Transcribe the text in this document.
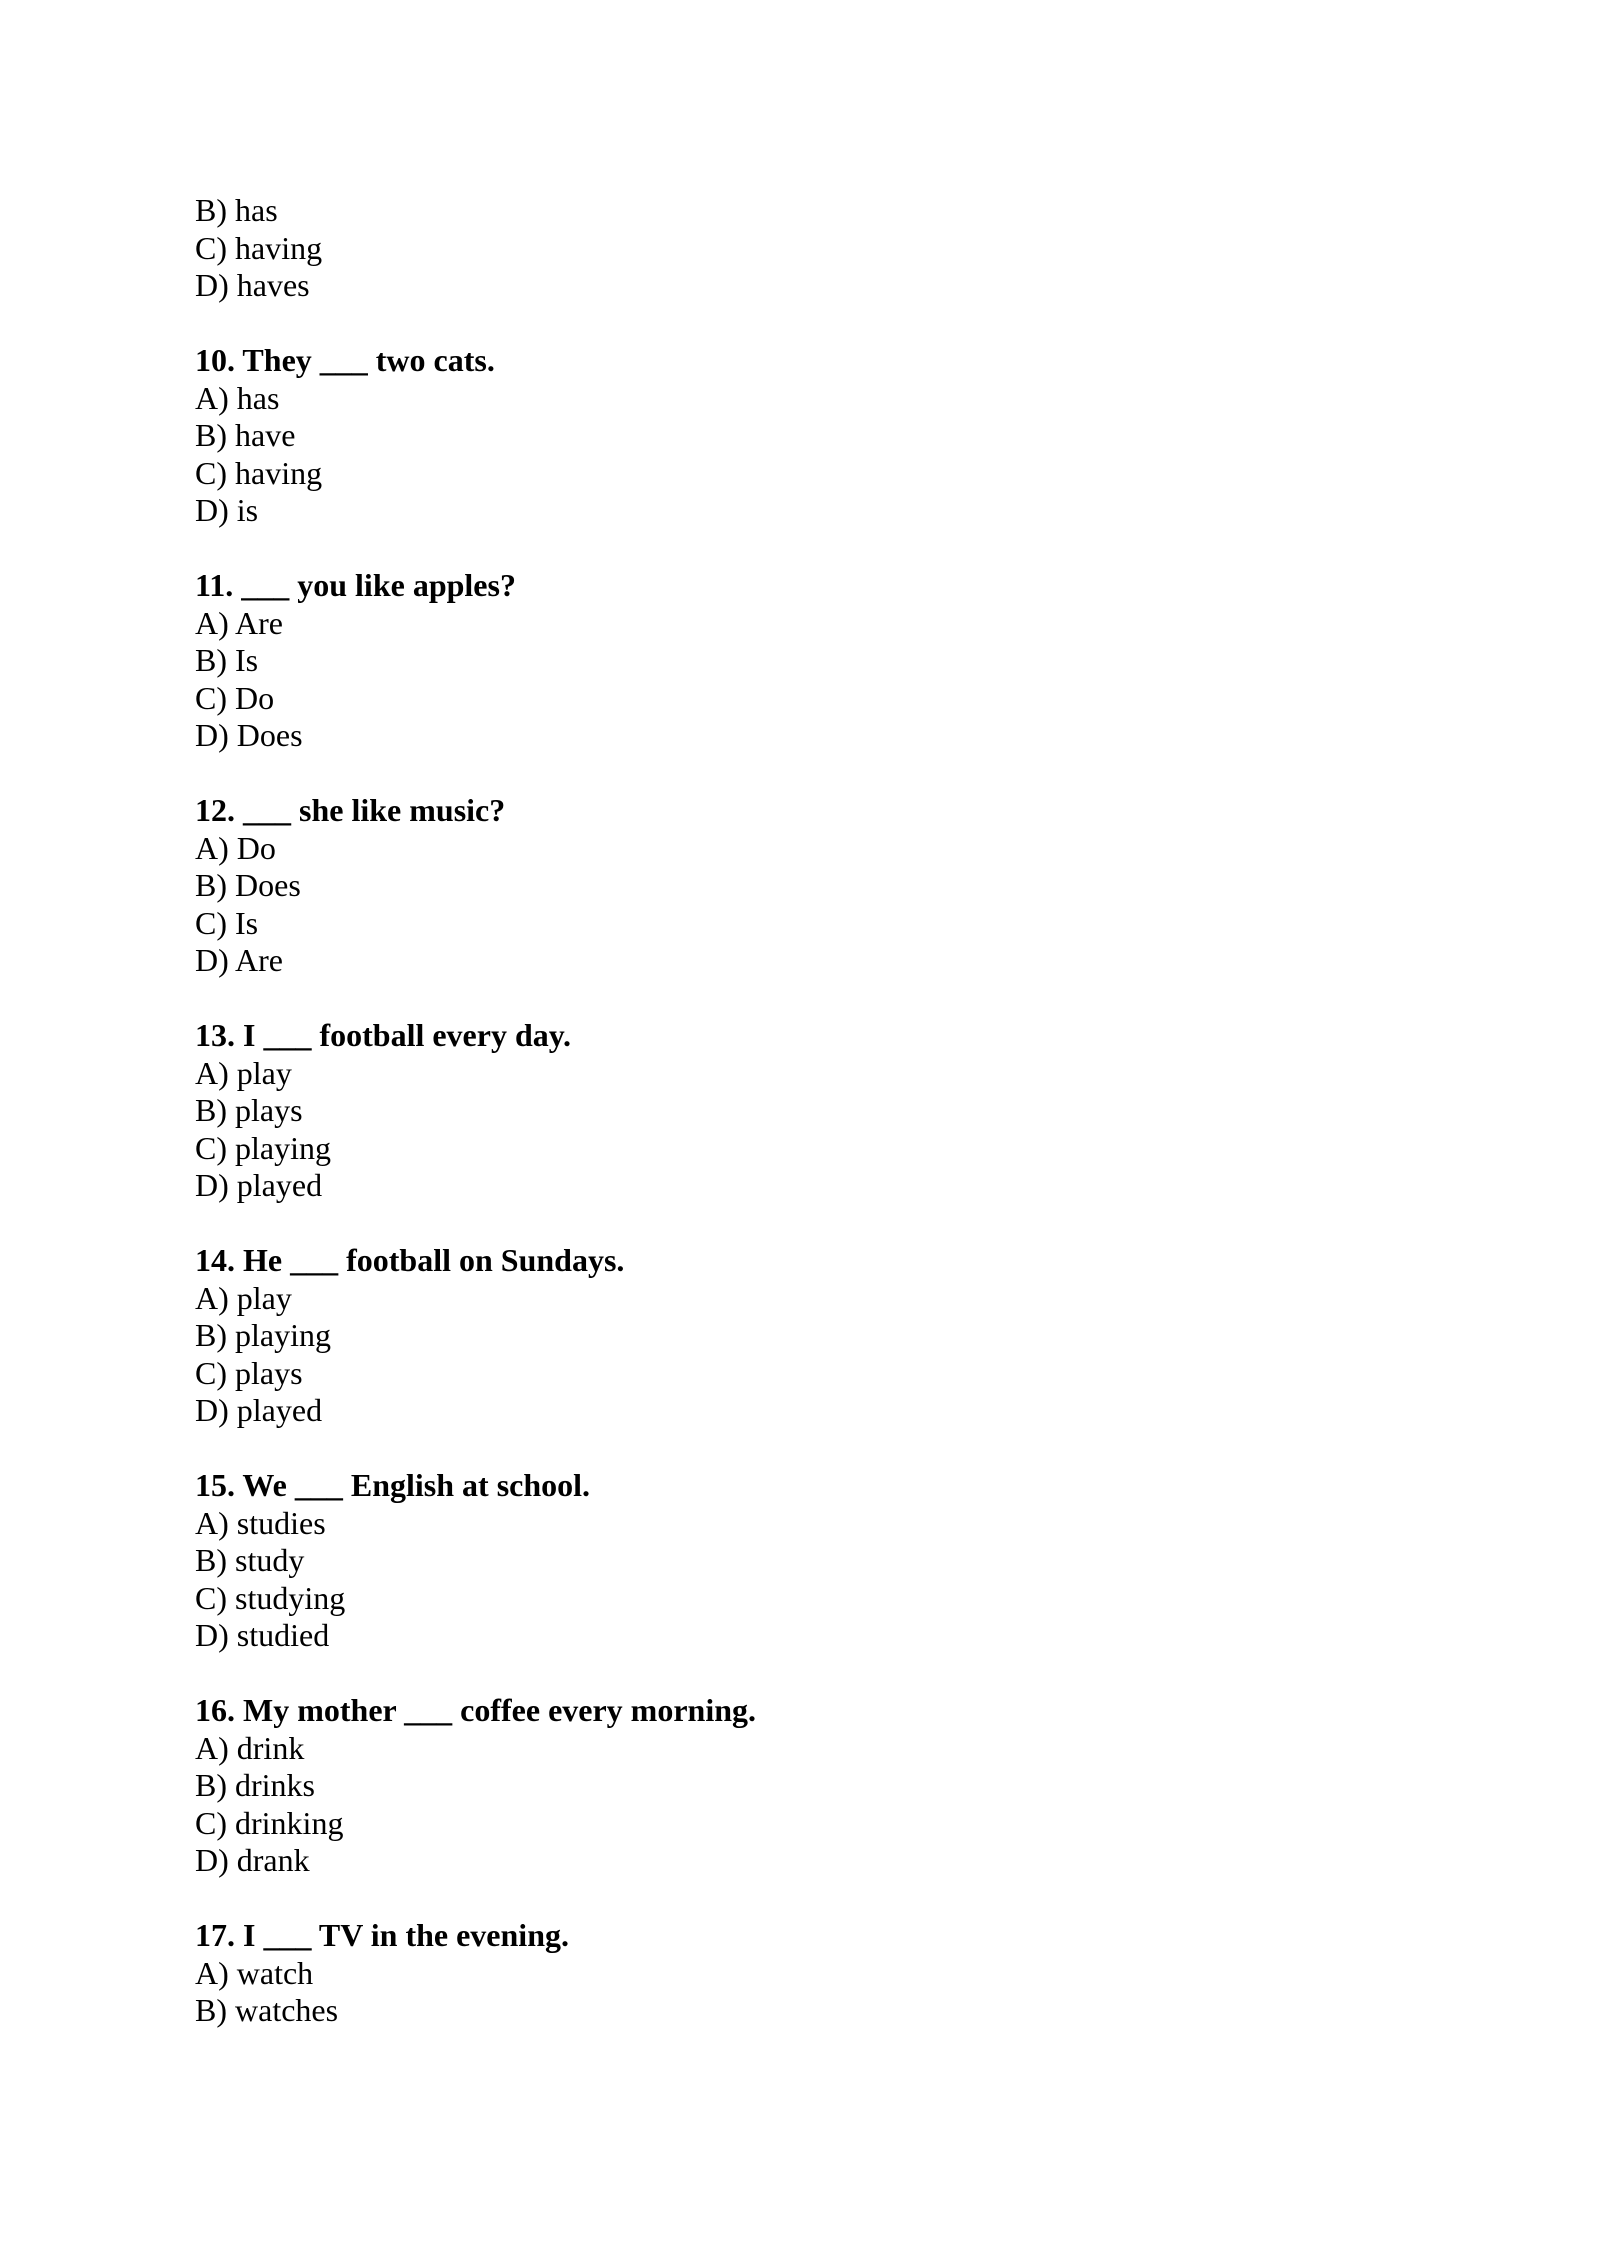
B) has
C) having
D) haves
10. They ___ two cats.
A) has
B) have
C) having
D) is
11. ___ you like apples?
A) Are
B) Is
C) Do
D) Does
12. ___ she like music?
A) Do
B) Does
C) Is
D) Are
13. I ___ football every day.
A) play
B) plays
C) playing
D) played
14. He ___ football on Sundays.
A) play
B) playing
C) plays
D) played
15. We ___ English at school.
A) studies
B) study
C) studying
D) studied
16. My mother ___ coffee every morning.
A) drink
B) drinks
C) drinking
D) drank
17. I ___ TV in the evening.
A) watch
B) watches
